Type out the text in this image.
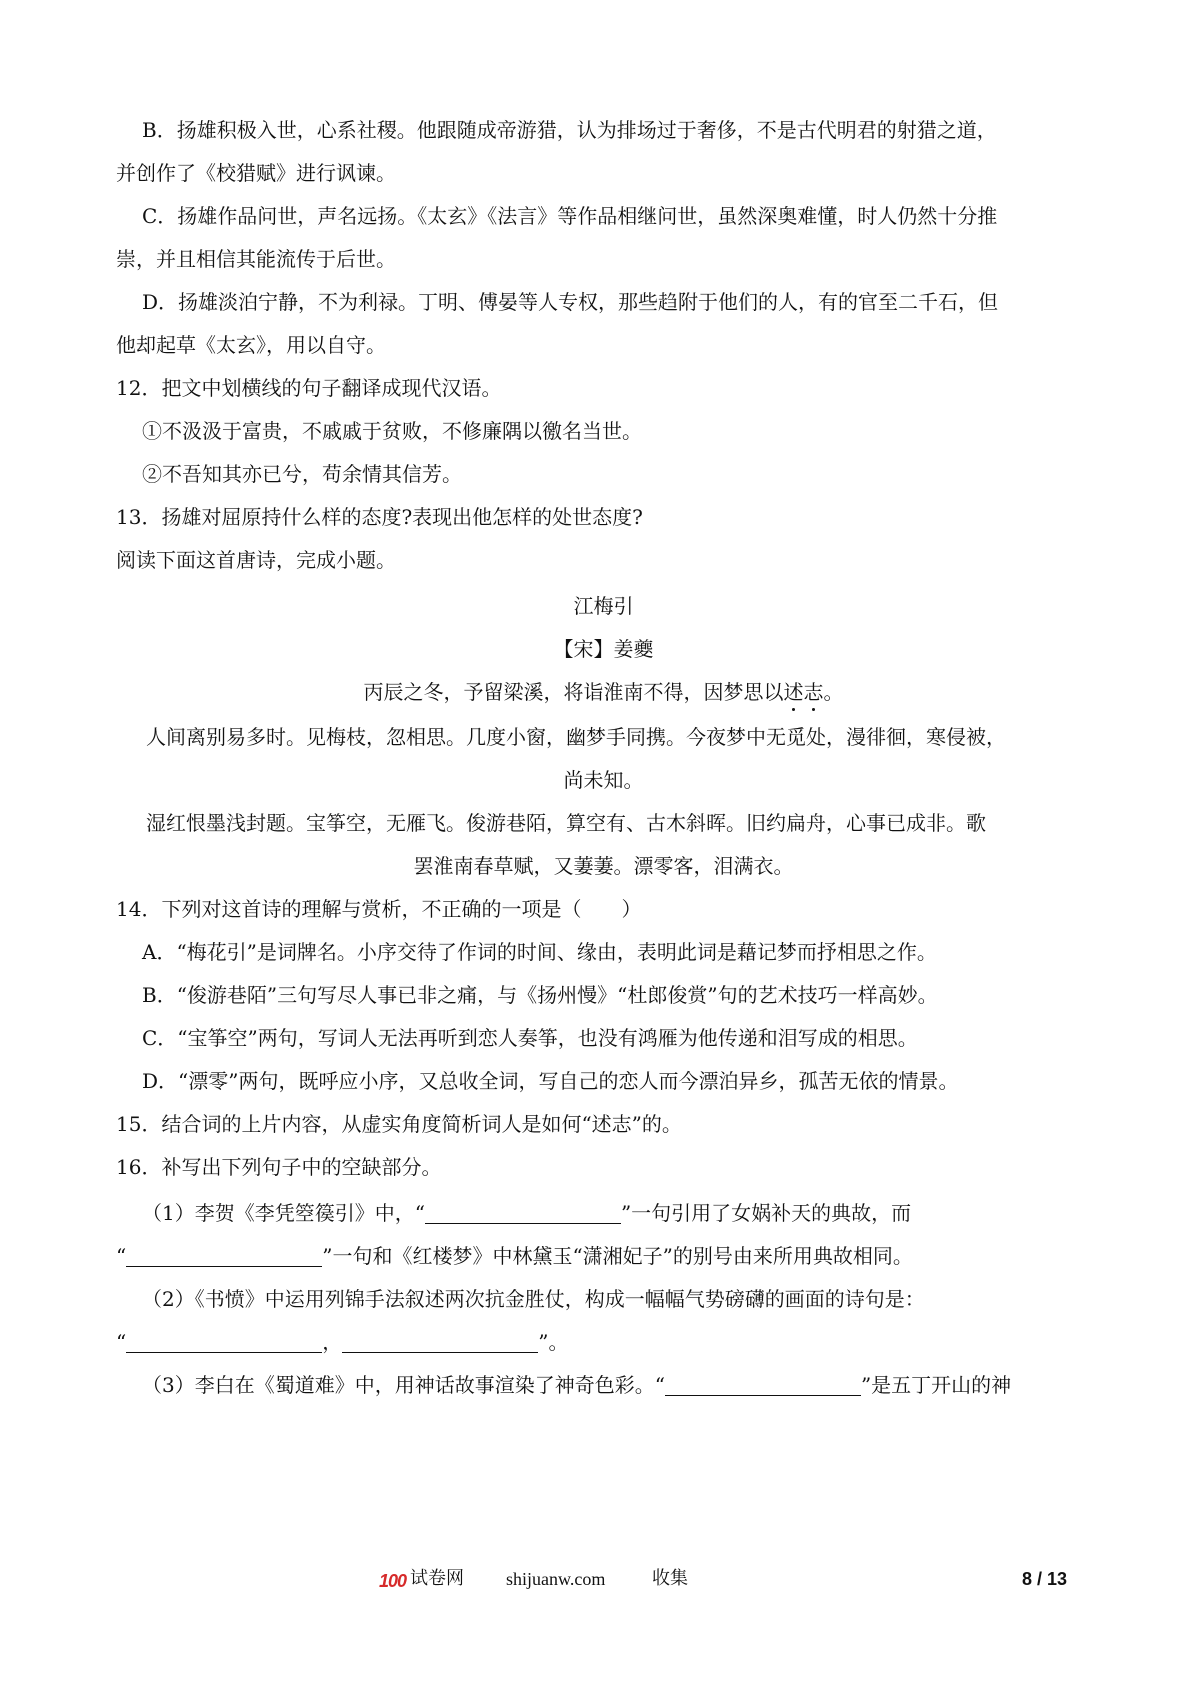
B．扬雄积极入世，心系社稷。他跟随成帝游猎，认为排场过于奢侈，不是古代明君的射猎之道，
并创作了《校猎赋》进行讽谏。
C．扬雄作品问世，声名远扬。《太玄》《法言》等作品相继问世，虽然深奥难懂，时人仍然十分推
崇，并且相信其能流传于后世。
D．扬雄淡泊宁静，不为利禄。丁明、傅晏等人专权，那些趋附于他们的人，有的官至二千石，但
他却起草《太玄》，用以自守。
12．把文中划横线的句子翻译成现代汉语。
①不汲汲于富贵，不戚戚于贫败，不修廉隅以徼名当世。
②不吾知其亦已兮，苟余情其信芳。
13．扬雄对屈原持什么样的态度?表现出他怎样的处世态度?
阅读下面这首唐诗，完成小题。
江梅引
【宋】姜夔
丙辰之冬，予留梁溪，将诣淮南不得，因梦思以述志。
人间离别易多时。见梅枝，忽相思。几度小窗，幽梦手同携。今夜梦中无觅处，漫徘徊，寒侵被，
尚未知。
湿红恨墨浅封题。宝筝空，无雁飞。俊游巷陌，算空有、古木斜晖。旧约扁舟，心事已成非。歌
罢淮南春草赋，又萋萋。漂零客，泪满衣。
14．下列对这首诗的理解与赏析，不正确的一项是（　　）
A．“梅花引”是词牌名。小序交待了作词的时间、缘由，表明此词是藉记梦而抒相思之作。
B．“俊游巷陌”三句写尽人事已非之痛，与《扬州慢》“杜郎俊赏”句的艺术技巧一样高妙。
C．“宝筝空”两句，写词人无法再听到恋人奏筝，也没有鸿雁为他传递和泪写成的相思。
D．“漂零”两句，既呼应小序，又总收全词，写自己的恋人而今漂泊异乡，孤苦无依的情景。
15．结合词的上片内容，从虚实角度简析词人是如何“述志”的。
16．补写出下列句子中的空缺部分。
（1）李贺《李凭箜篌引》中，“	”一句引用了女娲补天的典故，而
“	”一句和《红楼梦》中林黛玉“潇湘妃子”的别号由来所用典故相同。
（2）《书愤》中运用列锦手法叙述两次抗金胜仗，构成一幅幅气势磅礴的画面的诗句是：
“	，	”。
（3）李白在《蜀道难》中，用神话故事渲染了神奇色彩。“	”是五丁开山的神
100 试卷网 shijuanw.com	收集	8 / 13
